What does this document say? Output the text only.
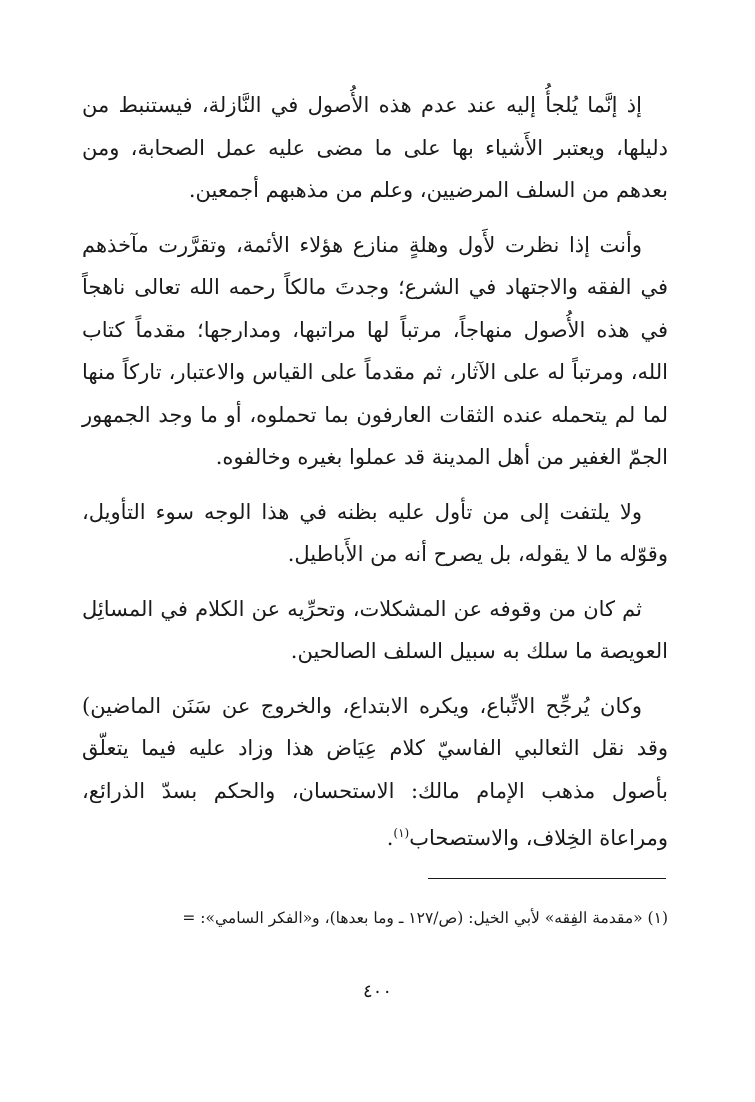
إذ إنَّما يُلجأُ إليه عند عدم هذه الأُصول في النَّازلة، فيستنبط من دليلها، ويعتبر الأَشياء بها على ما مضى عليه عمل الصحابة، ومن بعدهم من السلف المرضيين، وعلم من مذهبهم أجمعين.

وأنت إذا نظرت لأَول وهلةٍ منازع هؤلاء الأئمة، وتقرَّرت مآخذهم في الفقه والاجتهاد في الشرع؛ وجدتَ مالكاً رحمه الله تعالى ناهجاً في هذه الأُصول منهاجاً، مرتباً لها مراتبها، ومدارجها؛ مقدماً كتاب الله، ومرتباً له على الآثار، ثم مقدماً على القياس والاعتبار، تاركاً منها لما لم يتحمله عنده الثقات العارفون بما تحملوه، أو ما وجد الجمهور الجمّ الغفير من أهل المدينة قد عملوا بغيره وخالفوه.

ولا يلتفت إلى من تأول عليه بظنه في هذا الوجه سوء التأويل، وقوّله ما لا يقوله، بل يصرح أنه من الأَباطيل.

ثم كان من وقوفه عن المشكلات، وتحرِّيه عن الكلام في المسائِل العويصة ما سلك به سبيل السلف الصالحين.

وكان يُرجِّح الاتِّباع، ويكره الابتداع، والخروج عن سَنَن الماضين) وقد نقل الثعالبي الفاسيّ كلام عِيَاض هذا وزاد عليه فيما يتعلّق بأصول مذهب الإمام مالك: الاستحسان، والحكم بسدّ الذرائع، ومراعاة الخِلاف، والاستصحاب$^{(١)}$.

(١) «مقدمة الفِقه» لأبي الخيل: (ص/١٢٧ ـ وما بعدها)، و«الفكر السامي»: =
٤٠٠
